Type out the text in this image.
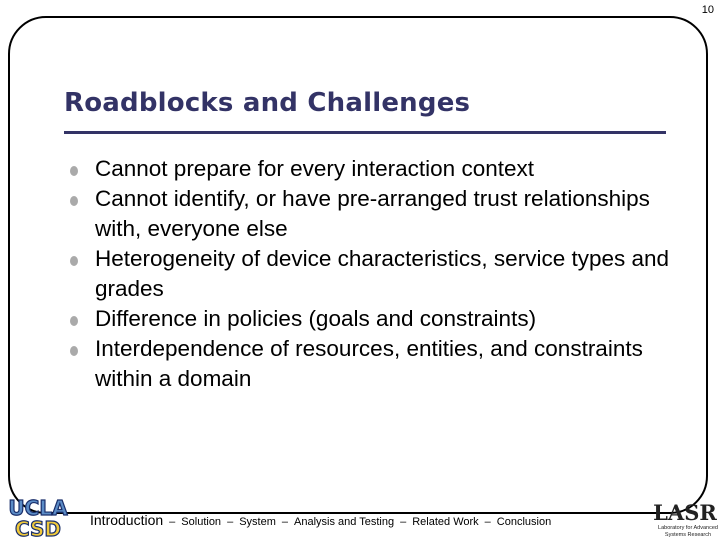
10
Roadblocks and Challenges
Cannot prepare for every interaction context
Cannot identify, or have pre-arranged trust relationships with, everyone else
Heterogeneity of device characteristics, service types and grades
Difference in policies (goals and constraints)
Interdependence of resources, entities, and constraints within a domain
UCLA
CSD Introduction – Solution – System – Analysis and Testing – Related Work – Conclusion	LASR
Laboratory for Advanced
Systems Research
